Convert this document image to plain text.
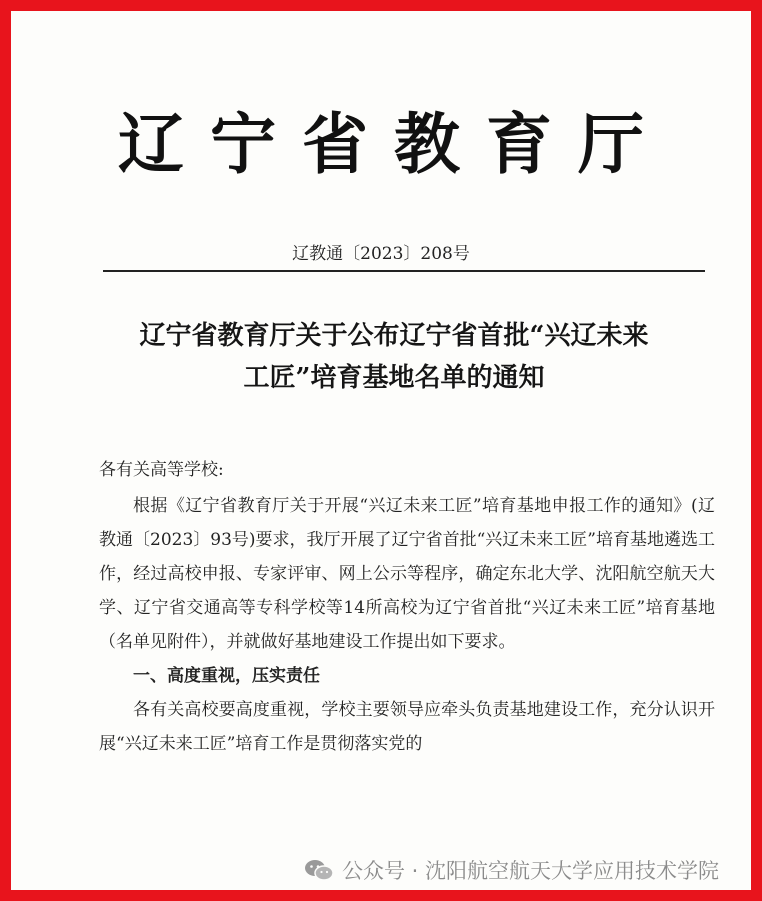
辽宁省教育厅
辽教通〔2023〕208号
辽宁省教育厅关于公布辽宁省首批“兴辽未来
工匠”培育基地名单的通知
各有关高等学校:

根据《辽宁省教育厅关于开展“兴辽未来工匠”培育基地申报工作的通知》(辽教通〔2023〕93号)要求，我厅开展了辽宁省首批“兴辽未来工匠”培育基地遴选工作，经过高校申报、专家评审、网上公示等程序，确定东北大学、沈阳航空航天大学、辽宁省交通高等专科学校等14所高校为辽宁省首批“兴辽未来工匠”培育基地（名单见附件），并就做好基地建设工作提出如下要求。

一、高度重视，压实责任

各有关高校要高度重视，学校主要领导应牵头负责基地建设工作，充分认识开展“兴辽未来工匠”培育工作是贯彻落实党的

公众号 · 沈阳航空航天大学应用技术学院
